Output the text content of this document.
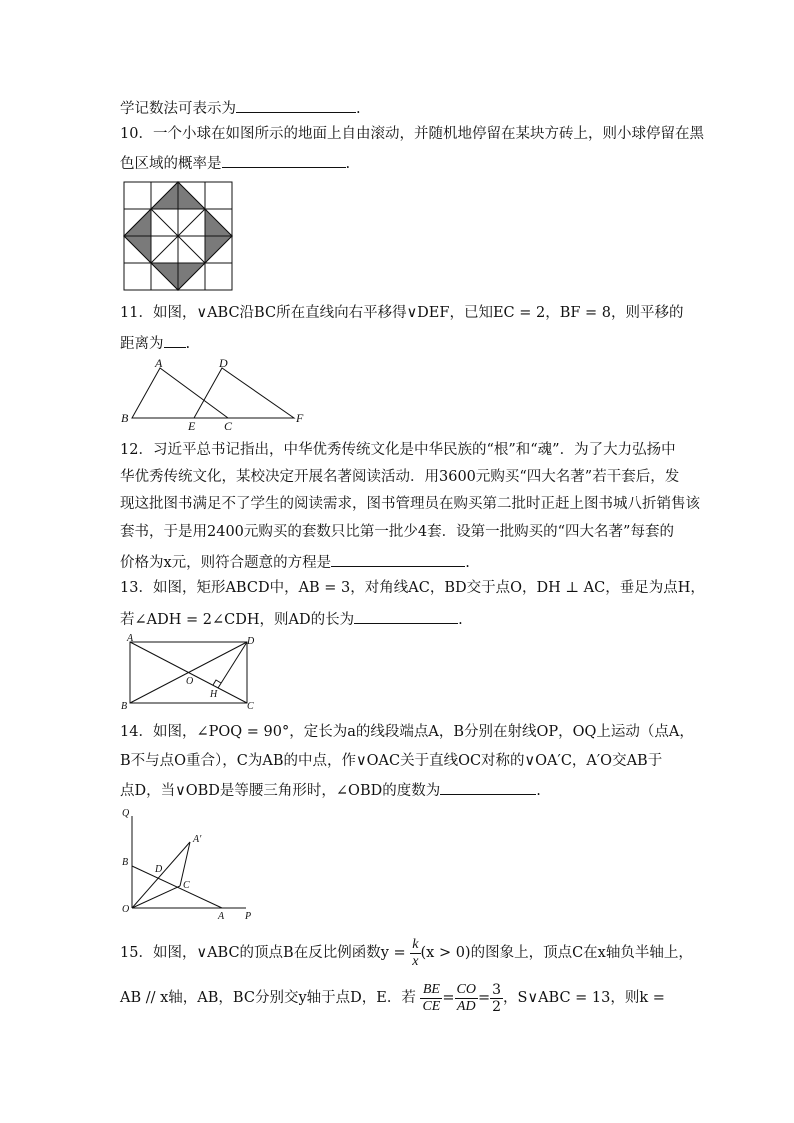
学记数法可表示为	.
10．一个小球在如图所示的地面上自由滚动，并随机地停留在某块方砖上，则小球停留在黑
色区域的概率是	.
11．如图，∨ABC沿BC所在直线向右平移得∨DEF，已知EC = 2，BF = 8，则平移的
距离为 .
A	D
B
E C
F
12．习近平总书记指出，中华优秀传统文化是中华民族的“根”和“魂”．为了大力弘扬中
华优秀传统文化，某校决定开展名著阅读活动．用3600元购买“四大名著”若干套后，发
现这批图书满足不了学生的阅读需求，图书管理员在购买第二批时正赶上图书城八折销售该
套书，于是用2400元购买的套数只比第一批少4套．设第一批购买的“四大名著”每套的
价格为x元，则符合题意的方程是	.
13．如图，矩形ABCD中，AB = 3，对角线AC，BD交于点O，DH ⊥ AC，垂足为点H，
若∠ADH = 2∠CDH，则AD的长为	.
A	D
B	C
O
H
14．如图，∠POQ = 90°，定长为a的线段端点A，B分别在射线OP，OQ上运动（点A，
B不与点O重合），C为AB的中点，作∨OAC关于直线OC对称的∨OA′C，A′O交AB于
点D，当∨OBD是等腰三角形时，∠OBD的度数为	.
Q
A′
B
D
C
O
A P
15．如图，∨ABC的顶点B在反比例函数$y = \frac{k}{x} (x > 0)$的图象上，顶点C在x轴负半轴上，
AB // x轴，AB，BC分别交y轴于点D，E．若 $\frac{BE}{CE} = \frac{CO}{AD} = \frac{3}{2}$ ，S∨ABC = 13，则k =
